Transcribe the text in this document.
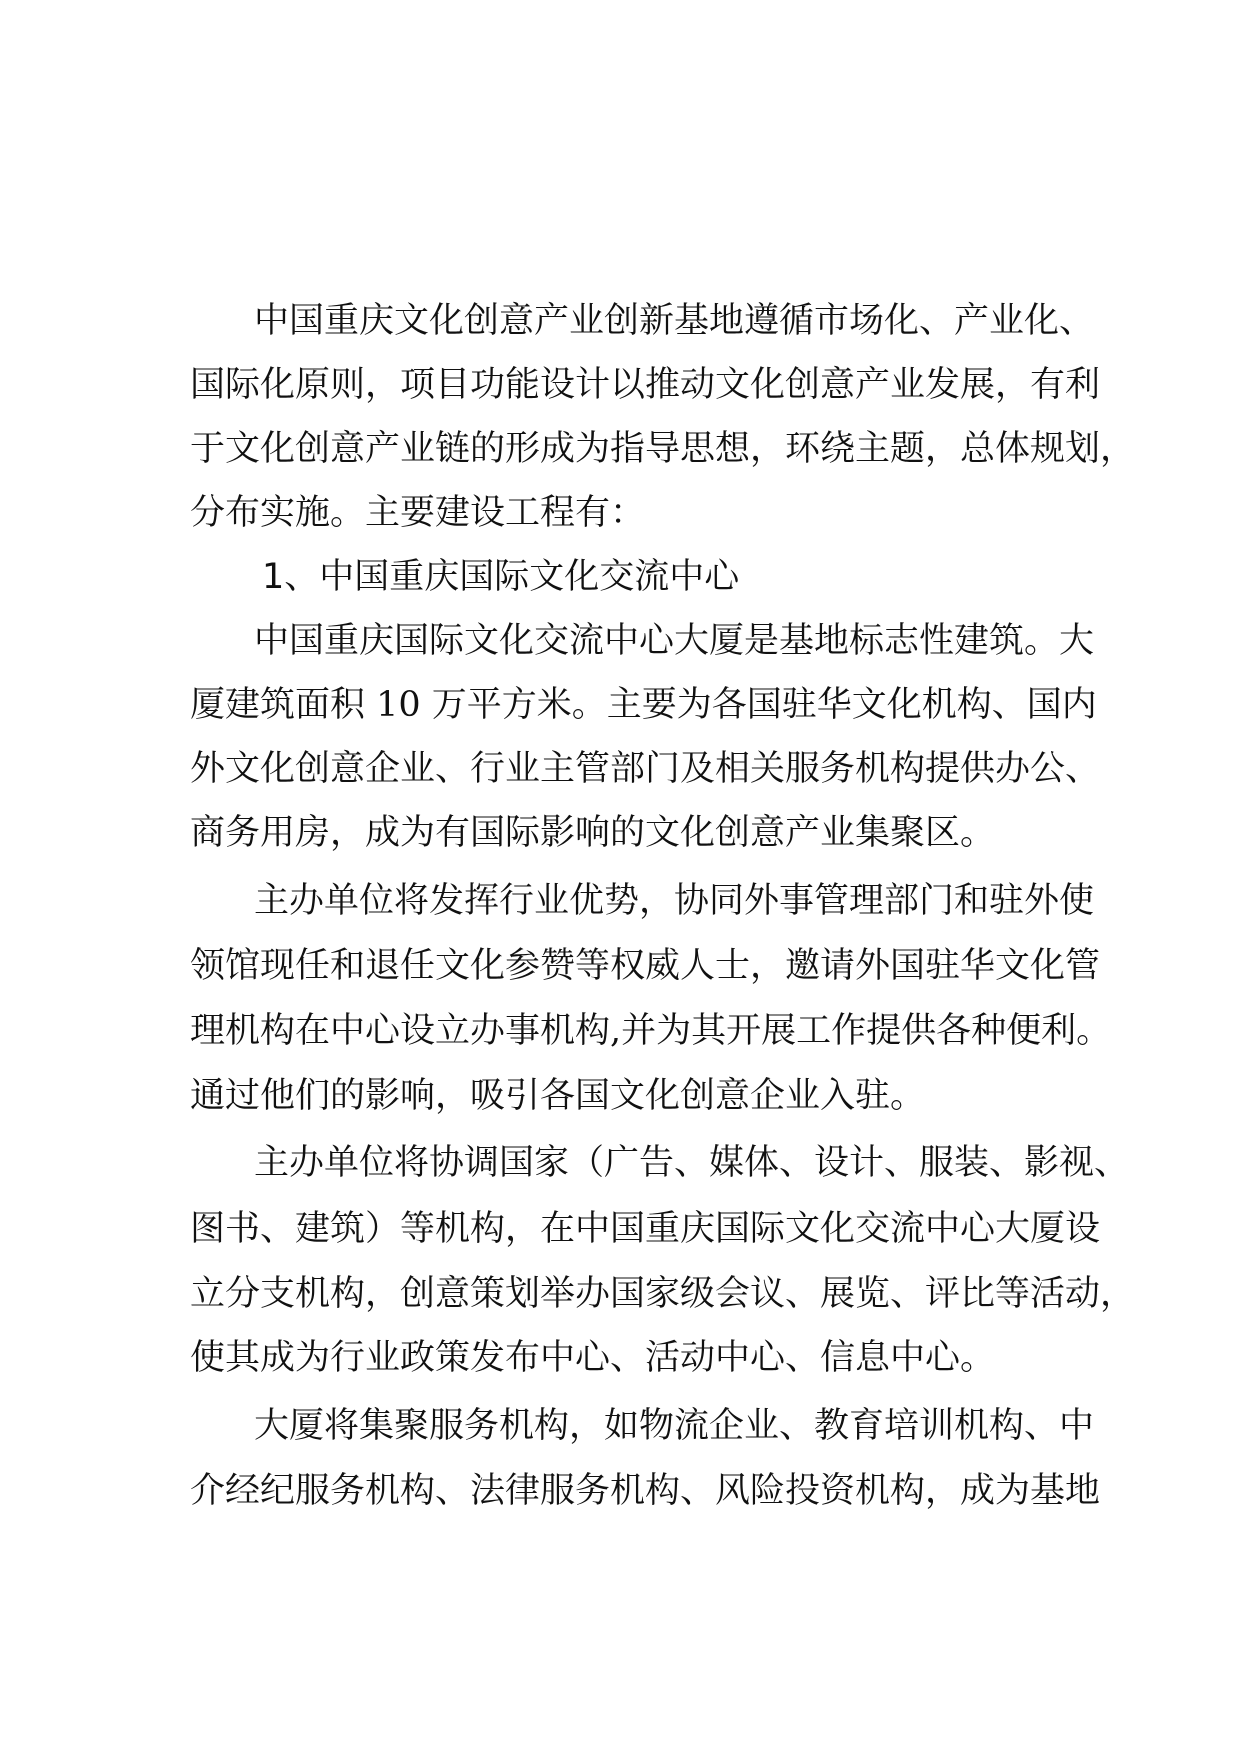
中国重庆文化创意产业创新基地遵循市场化、产业化、
国际化原则，项目功能设计以推动文化创意产业发展，有利
于文化创意产业链的形成为指导思想，环绕主题，总体规划，
分布实施。主要建设工程有：
1、中国重庆国际文化交流中心
中国重庆国际文化交流中心大厦是基地标志性建筑。大
厦建筑面积 10 万平方米。主要为各国驻华文化机构、国内
外文化创意企业、行业主管部门及相关服务机构提供办公、
商务用房，成为有国际影响的文化创意产业集聚区。
主办单位将发挥行业优势，协同外事管理部门和驻外使
领馆现任和退任文化参赞等权威人士，邀请外国驻华文化管
理机构在中心设立办事机构,并为其开展工作提供各种便利。
通过他们的影响，吸引各国文化创意企业入驻。
主办单位将协调国家（广告、媒体、设计、服装、影视、
图书、建筑）等机构，在中国重庆国际文化交流中心大厦设
立分支机构，创意策划举办国家级会议、展览、评比等活动，
使其成为行业政策发布中心、活动中心、信息中心。
大厦将集聚服务机构，如物流企业、教育培训机构、中
介经纪服务机构、法律服务机构、风险投资机构，成为基地
